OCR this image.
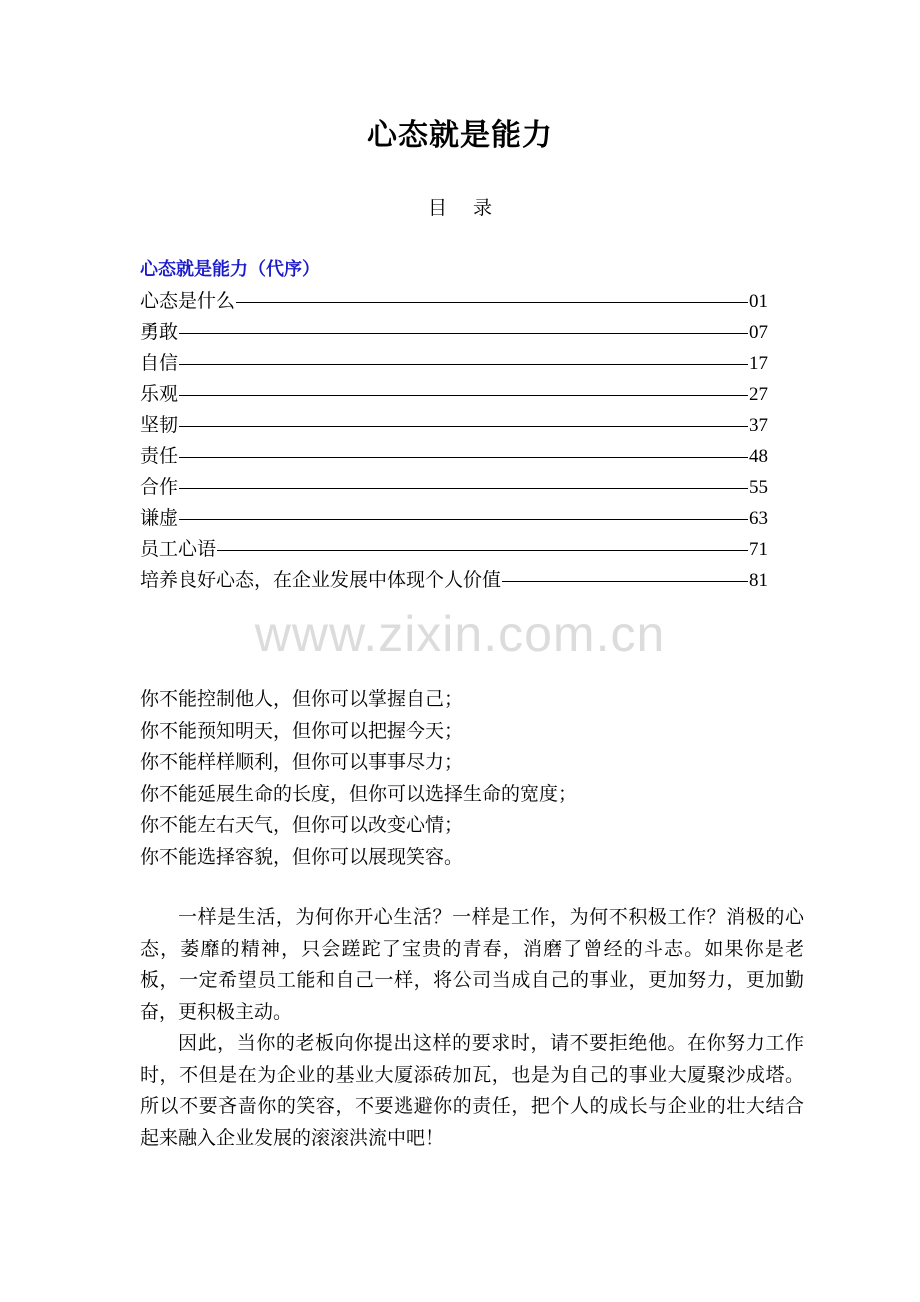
心态就是能力
目 录
心态就是能力（代序）
心态是什么	01
勇敢	07
自信	17
乐观	27
坚韧	37
责任	48
合作	55
谦虚	63
员工心语	71
培养良好心态，在企业发展中体现个人价值	81
www.zixin.com.cn
你不能控制他人，但你可以掌握自己；
你不能预知明天，但你可以把握今天；
你不能样样顺利，但你可以事事尽力；
你不能延展生命的长度，但你可以选择生命的宽度；
你不能左右天气，但你可以改变心情；
你不能选择容貌，但你可以展现笑容。

一样是生活，为何你开心生活？一样是工作，为何不积极工作？消极的心态，萎靡的精神，只会蹉跎了宝贵的青春，消磨了曾经的斗志。如果你是老板，一定希望员工能和自己一样，将公司当成自己的事业，更加努力，更加勤奋，更积极主动。

因此，当你的老板向你提出这样的要求时，请不要拒绝他。在你努力工作时，不但是在为企业的基业大厦添砖加瓦，也是为自己的事业大厦聚沙成塔。所以不要吝啬你的笑容，不要逃避你的责任，把个人的成长与企业的壮大结合起来融入企业发展的滚滚洪流中吧！
